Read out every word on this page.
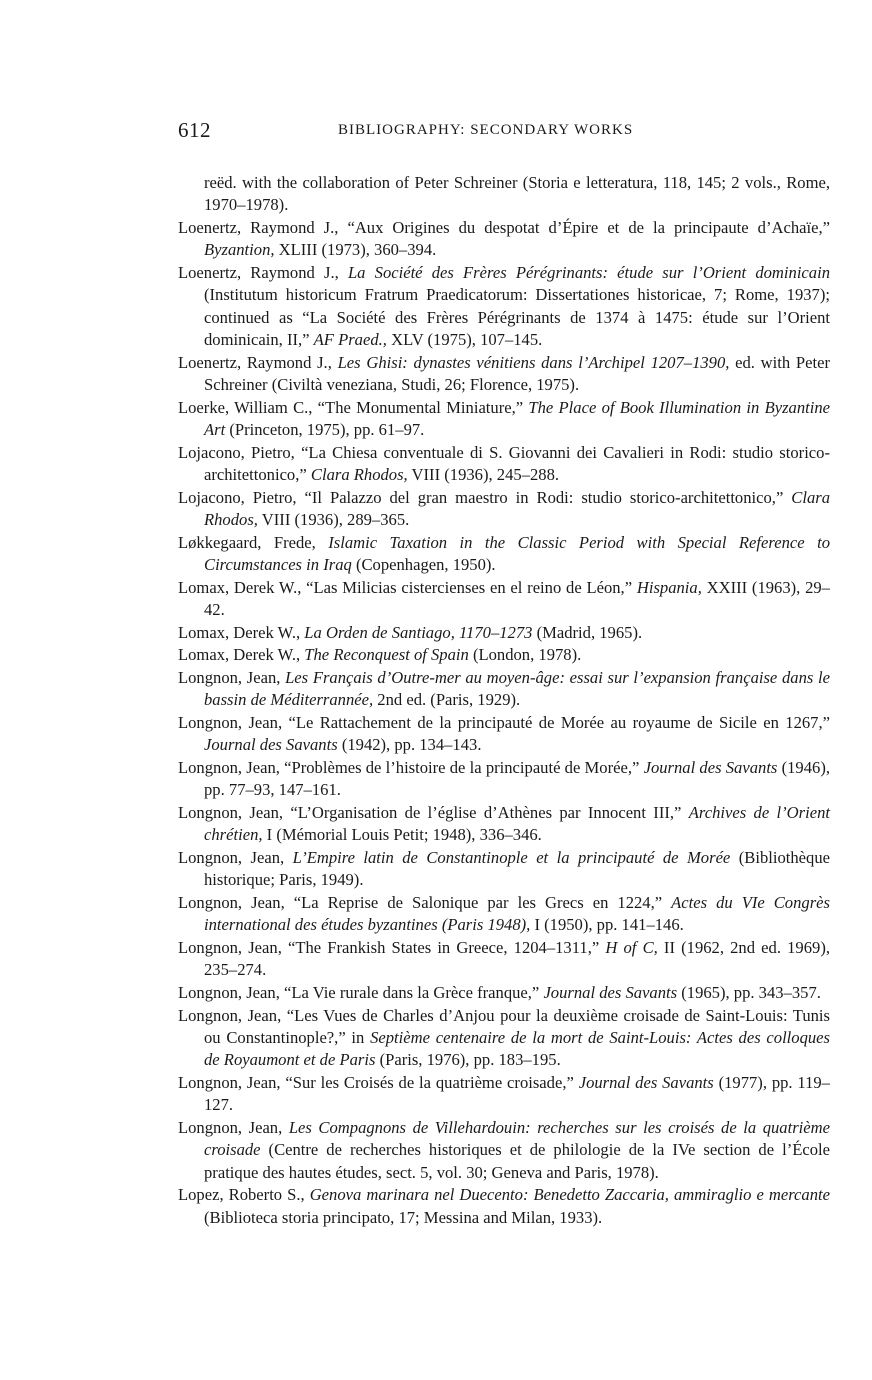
612	BIBLIOGRAPHY: SECONDARY WORKS

reëd. with the collaboration of Peter Schreiner (Storia e letteratura, 118, 145; 2 vols., Rome, 1970–1978).

Loenertz, Raymond J., “Aux Origines du despotat d’Épire et de la principaute d’Achaïe,” Byzantion, XLIII (1973), 360–394.

Loenertz, Raymond J., La Société des Frères Pérégrinants: étude sur l’Orient dominicain (Institutum historicum Fratrum Praedicatorum: Dissertationes historicae, 7; Rome, 1937); continued as “La Société des Frères Pérégrinants de 1374 à 1475: étude sur l’Orient dominicain, II,” AF Praed., XLV (1975), 107–145.

Loenertz, Raymond J., Les Ghisi: dynastes vénitiens dans l’Archipel 1207–1390, ed. with Peter Schreiner (Civiltà veneziana, Studi, 26; Florence, 1975).

Loerke, William C., “The Monumental Miniature,” The Place of Book Illumination in Byzantine Art (Princeton, 1975), pp. 61–97.

Lojacono, Pietro, “La Chiesa conventuale di S. Giovanni dei Cavalieri in Rodi: studio storico-architettonico,” Clara Rhodos, VIII (1936), 245–288.

Lojacono, Pietro, “Il Palazzo del gran maestro in Rodi: studio storico-architettonico,” Clara Rhodos, VIII (1936), 289–365.

Løkkegaard, Frede, Islamic Taxation in the Classic Period with Special Reference to Circumstances in Iraq (Copenhagen, 1950).

Lomax, Derek W., “Las Milicias cistercienses en el reino de Léon,” Hispania, XXIII (1963), 29–42.

Lomax, Derek W., La Orden de Santiago, 1170–1273 (Madrid, 1965).

Lomax, Derek W., The Reconquest of Spain (London, 1978).

Longnon, Jean, Les Français d’Outre-mer au moyen-âge: essai sur l’expansion française dans le bassin de Méditerrannée, 2nd ed. (Paris, 1929).

Longnon, Jean, “Le Rattachement de la principauté de Morée au royaume de Sicile en 1267,” Journal des Savants (1942), pp. 134–143.

Longnon, Jean, “Problèmes de l’histoire de la principauté de Morée,” Journal des Savants (1946), pp. 77–93, 147–161.

Longnon, Jean, “L’Organisation de l’église d’Athènes par Innocent III,” Archives de l’Orient chrétien, I (Mémorial Louis Petit; 1948), 336–346.

Longnon, Jean, L’Empire latin de Constantinople et la principauté de Morée (Bibliothèque historique; Paris, 1949).

Longnon, Jean, “La Reprise de Salonique par les Grecs en 1224,” Actes du VIe Congrès international des études byzantines (Paris 1948), I (1950), pp. 141–146.

Longnon, Jean, “The Frankish States in Greece, 1204–1311,” H of C, II (1962, 2nd ed. 1969), 235–274.

Longnon, Jean, “La Vie rurale dans la Grèce franque,” Journal des Savants (1965), pp. 343–357.

Longnon, Jean, “Les Vues de Charles d’Anjou pour la deuxième croisade de Saint-Louis: Tunis ou Constantinople?,” in Septième centenaire de la mort de Saint-Louis: Actes des colloques de Royaumont et de Paris (Paris, 1976), pp. 183–195.

Longnon, Jean, “Sur les Croisés de la quatrième croisade,” Journal des Savants (1977), pp. 119–127.

Longnon, Jean, Les Compagnons de Villehardouin: recherches sur les croisés de la quatrième croisade (Centre de recherches historiques et de philologie de la IVe section de l’École pratique des hautes études, sect. 5, vol. 30; Geneva and Paris, 1978).

Lopez, Roberto S., Genova marinara nel Duecento: Benedetto Zaccaria, ammiraglio e mercante (Biblioteca storia principato, 17; Messina and Milan, 1933).
